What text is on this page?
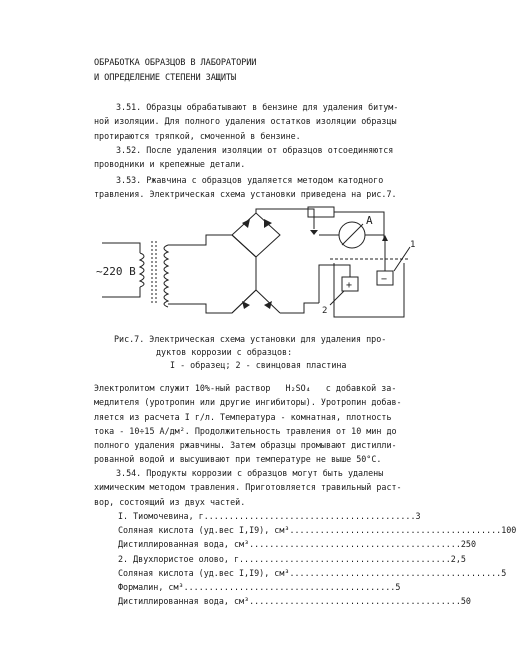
ОБРАБОТКА ОБРАЗЦОВ В ЛАБОРАТОРИИ
И ОПРЕДЕЛЕНИЕ СТЕПЕНИ ЗАЩИТЫ
3.51. Образцы обрабатывают в бензине для удаления битум-
ной изоляции. Для полного удаления остатков изоляции образцы
протираются тряпкой, смоченной в бензине.
3.52. После удаления изоляции от образцов отсоединяются
проводники и крепежные детали.
3.53. Ржавчина с образцов удаляется методом катодного
травления. Электрическая схема установки приведена на рис.7.
~220 В
A
1
2
+
−
Рис.7. Электрическая схема установки для удаления про-
дуктов коррозии с образцов:
I - образец; 2 - свинцовая пластина
Электролитом служит 10%-ный раствор H₂SO₄ с добавкой за-
медлителя (уротропин или другие ингибиторы). Уротропин добав-
ляется из расчета I г/л. Температура - комнатная, плотность
тока - 10÷15 А/дм². Продолжительность травления от 10 мин до
полного удаления ржавчины. Затем образцы промывают дистилли-
рованной водой и высушивают при температуре не выше 50°С.
3.54. Продукты коррозии с образцов могут быть удалены
химическим методом травления. Приготовляется травильный раст-
вор, состоящий из двух частей.
I. Тиомочевина, г .......................................... 3
Соляная кислота (уд.вес I,I9), см³ .......................................... 100
Дистиллированная вода, см³ .......................................... 250
2. Двухлористое олово, г .......................................... 2,5
Соляная кислота (уд.вес I,I9), см³ .......................................... 5
Формалин, см³ .......................................... 5
Дистиллированная вода, см³ .......................................... 50
